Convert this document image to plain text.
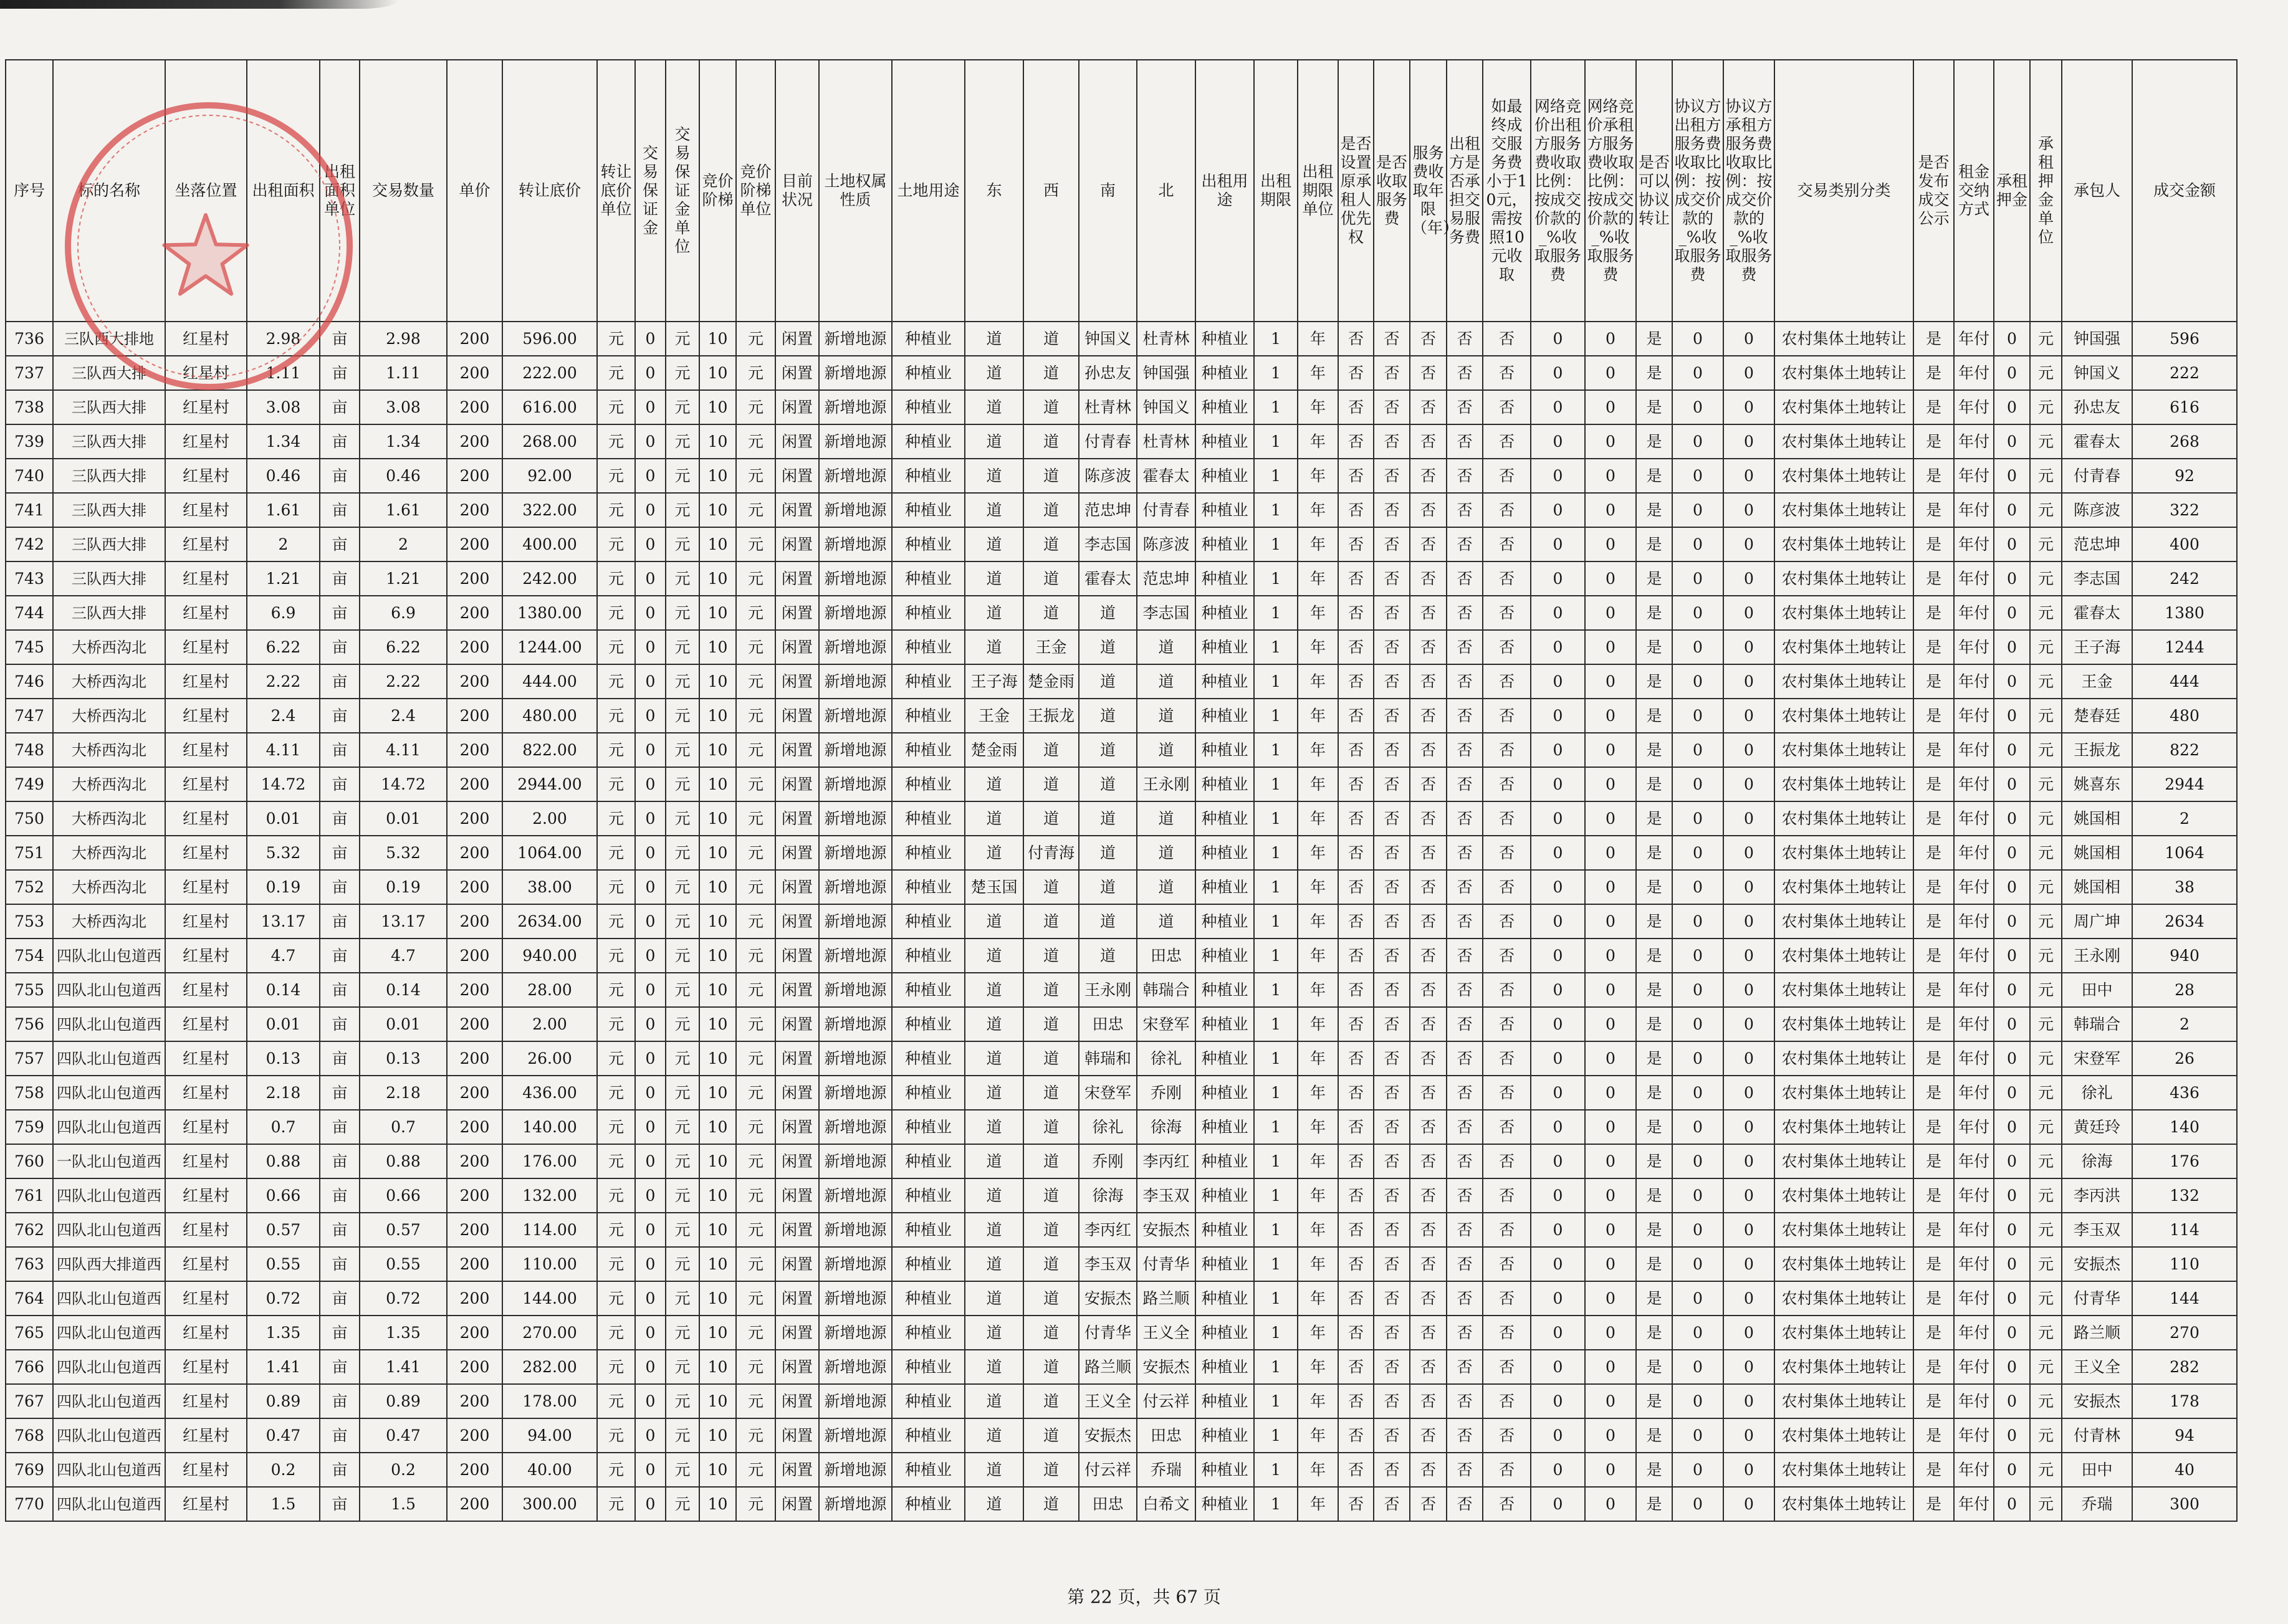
序号	标的名称	坐落位置	出租面积	出租面积单位	交易数量	单价	转让底价	转让底价单位	交易保证金	交易保证金单位	竞价阶梯	竞价阶梯单位	目前状况	土地权属性质	土地用途	东	西	南	北	出租用途	出租期限	出租期限单位	是否设置原承租人优先权	是否收取服务费	服务费收取年限（年）	出租方是否承担交易服务费	如最终成交服务费小于10元，需按照10元收取	网络竞价出租方服务费收取比例：按成交价款的_%收取服务费	网络竞价承租方服务费收取比例：按成交价款的_%收取服务费	是否可以协议转让	协议方出租方服务费收取比例：按成交价款的_%收取服务费	协议方承租方服务费收取比例：按成交价款的_%收取服务费	交易类别分类	是否发布成交公示	租金交纳方式	承租押金	承租押金单位	承包人	成交金额
736	三队西大排地	红星村	2.98	亩	2.98	200	596.00	元	0	元	10	元	闲置	新增地源	种植业	道	道	钟国义	杜青林	种植业	1	年	否	否	否	否	否	0	0	是	0	0	农村集体土地转让	是	年付	0	元	钟国强	596
737	三队西大排	红星村	1.11	亩	1.11	200	222.00	元	0	元	10	元	闲置	新增地源	种植业	道	道	孙忠友	钟国强	种植业	1	年	否	否	否	否	否	0	0	是	0	0	农村集体土地转让	是	年付	0	元	钟国义	222
738	三队西大排	红星村	3.08	亩	3.08	200	616.00	元	0	元	10	元	闲置	新增地源	种植业	道	道	杜青林	钟国义	种植业	1	年	否	否	否	否	否	0	0	是	0	0	农村集体土地转让	是	年付	0	元	孙忠友	616
739	三队西大排	红星村	1.34	亩	1.34	200	268.00	元	0	元	10	元	闲置	新增地源	种植业	道	道	付青春	杜青林	种植业	1	年	否	否	否	否	否	0	0	是	0	0	农村集体土地转让	是	年付	0	元	霍春太	268
740	三队西大排	红星村	0.46	亩	0.46	200	92.00	元	0	元	10	元	闲置	新增地源	种植业	道	道	陈彦波	霍春太	种植业	1	年	否	否	否	否	否	0	0	是	0	0	农村集体土地转让	是	年付	0	元	付青春	92
741	三队西大排	红星村	1.61	亩	1.61	200	322.00	元	0	元	10	元	闲置	新增地源	种植业	道	道	范忠坤	付青春	种植业	1	年	否	否	否	否	否	0	0	是	0	0	农村集体土地转让	是	年付	0	元	陈彦波	322
742	三队西大排	红星村	2	亩	2	200	400.00	元	0	元	10	元	闲置	新增地源	种植业	道	道	李志国	陈彦波	种植业	1	年	否	否	否	否	否	0	0	是	0	0	农村集体土地转让	是	年付	0	元	范忠坤	400
743	三队西大排	红星村	1.21	亩	1.21	200	242.00	元	0	元	10	元	闲置	新增地源	种植业	道	道	霍春太	范忠坤	种植业	1	年	否	否	否	否	否	0	0	是	0	0	农村集体土地转让	是	年付	0	元	李志国	242
744	三队西大排	红星村	6.9	亩	6.9	200	1380.00	元	0	元	10	元	闲置	新增地源	种植业	道	道	道	李志国	种植业	1	年	否	否	否	否	否	0	0	是	0	0	农村集体土地转让	是	年付	0	元	霍春太	1380
745	大桥西沟北	红星村	6.22	亩	6.22	200	1244.00	元	0	元	10	元	闲置	新增地源	种植业	道	王金	道	道	种植业	1	年	否	否	否	否	否	0	0	是	0	0	农村集体土地转让	是	年付	0	元	王子海	1244
746	大桥西沟北	红星村	2.22	亩	2.22	200	444.00	元	0	元	10	元	闲置	新增地源	种植业	王子海	楚金雨	道	道	种植业	1	年	否	否	否	否	否	0	0	是	0	0	农村集体土地转让	是	年付	0	元	王金	444
747	大桥西沟北	红星村	2.4	亩	2.4	200	480.00	元	0	元	10	元	闲置	新增地源	种植业	王金	王振龙	道	道	种植业	1	年	否	否	否	否	否	0	0	是	0	0	农村集体土地转让	是	年付	0	元	楚春廷	480
748	大桥西沟北	红星村	4.11	亩	4.11	200	822.00	元	0	元	10	元	闲置	新增地源	种植业	楚金雨	道	道	道	种植业	1	年	否	否	否	否	否	0	0	是	0	0	农村集体土地转让	是	年付	0	元	王振龙	822
749	大桥西沟北	红星村	14.72	亩	14.72	200	2944.00	元	0	元	10	元	闲置	新增地源	种植业	道	道	道	王永刚	种植业	1	年	否	否	否	否	否	0	0	是	0	0	农村集体土地转让	是	年付	0	元	姚喜东	2944
750	大桥西沟北	红星村	0.01	亩	0.01	200	2.00	元	0	元	10	元	闲置	新增地源	种植业	道	道	道	道	种植业	1	年	否	否	否	否	否	0	0	是	0	0	农村集体土地转让	是	年付	0	元	姚国相	2
751	大桥西沟北	红星村	5.32	亩	5.32	200	1064.00	元	0	元	10	元	闲置	新增地源	种植业	道	付青海	道	道	种植业	1	年	否	否	否	否	否	0	0	是	0	0	农村集体土地转让	是	年付	0	元	姚国相	1064
752	大桥西沟北	红星村	0.19	亩	0.19	200	38.00	元	0	元	10	元	闲置	新增地源	种植业	楚玉国	道	道	道	种植业	1	年	否	否	否	否	否	0	0	是	0	0	农村集体土地转让	是	年付	0	元	姚国相	38
753	大桥西沟北	红星村	13.17	亩	13.17	200	2634.00	元	0	元	10	元	闲置	新增地源	种植业	道	道	道	道	种植业	1	年	否	否	否	否	否	0	0	是	0	0	农村集体土地转让	是	年付	0	元	周广坤	2634
754	四队北山包道西	红星村	4.7	亩	4.7	200	940.00	元	0	元	10	元	闲置	新增地源	种植业	道	道	道	田忠	种植业	1	年	否	否	否	否	否	0	0	是	0	0	农村集体土地转让	是	年付	0	元	王永刚	940
755	四队北山包道西	红星村	0.14	亩	0.14	200	28.00	元	0	元	10	元	闲置	新增地源	种植业	道	道	王永刚	韩瑞合	种植业	1	年	否	否	否	否	否	0	0	是	0	0	农村集体土地转让	是	年付	0	元	田中	28
756	四队北山包道西	红星村	0.01	亩	0.01	200	2.00	元	0	元	10	元	闲置	新增地源	种植业	道	道	田忠	宋登军	种植业	1	年	否	否	否	否	否	0	0	是	0	0	农村集体土地转让	是	年付	0	元	韩瑞合	2
757	四队北山包道西	红星村	0.13	亩	0.13	200	26.00	元	0	元	10	元	闲置	新增地源	种植业	道	道	韩瑞和	徐礼	种植业	1	年	否	否	否	否	否	0	0	是	0	0	农村集体土地转让	是	年付	0	元	宋登军	26
758	四队北山包道西	红星村	2.18	亩	2.18	200	436.00	元	0	元	10	元	闲置	新增地源	种植业	道	道	宋登军	乔刚	种植业	1	年	否	否	否	否	否	0	0	是	0	0	农村集体土地转让	是	年付	0	元	徐礼	436
759	四队北山包道西	红星村	0.7	亩	0.7	200	140.00	元	0	元	10	元	闲置	新增地源	种植业	道	道	徐礼	徐海	种植业	1	年	否	否	否	否	否	0	0	是	0	0	农村集体土地转让	是	年付	0	元	黄廷玲	140
760	一队北山包道西	红星村	0.88	亩	0.88	200	176.00	元	0	元	10	元	闲置	新增地源	种植业	道	道	乔刚	李丙红	种植业	1	年	否	否	否	否	否	0	0	是	0	0	农村集体土地转让	是	年付	0	元	徐海	176
761	四队北山包道西	红星村	0.66	亩	0.66	200	132.00	元	0	元	10	元	闲置	新增地源	种植业	道	道	徐海	李玉双	种植业	1	年	否	否	否	否	否	0	0	是	0	0	农村集体土地转让	是	年付	0	元	李丙洪	132
762	四队北山包道西	红星村	0.57	亩	0.57	200	114.00	元	0	元	10	元	闲置	新增地源	种植业	道	道	李丙红	安振杰	种植业	1	年	否	否	否	否	否	0	0	是	0	0	农村集体土地转让	是	年付	0	元	李玉双	114
763	四队西大排道西	红星村	0.55	亩	0.55	200	110.00	元	0	元	10	元	闲置	新增地源	种植业	道	道	李玉双	付青华	种植业	1	年	否	否	否	否	否	0	0	是	0	0	农村集体土地转让	是	年付	0	元	安振杰	110
764	四队北山包道西	红星村	0.72	亩	0.72	200	144.00	元	0	元	10	元	闲置	新增地源	种植业	道	道	安振杰	路兰顺	种植业	1	年	否	否	否	否	否	0	0	是	0	0	农村集体土地转让	是	年付	0	元	付青华	144
765	四队北山包道西	红星村	1.35	亩	1.35	200	270.00	元	0	元	10	元	闲置	新增地源	种植业	道	道	付青华	王义全	种植业	1	年	否	否	否	否	否	0	0	是	0	0	农村集体土地转让	是	年付	0	元	路兰顺	270
766	四队北山包道西	红星村	1.41	亩	1.41	200	282.00	元	0	元	10	元	闲置	新增地源	种植业	道	道	路兰顺	安振杰	种植业	1	年	否	否	否	否	否	0	0	是	0	0	农村集体土地转让	是	年付	0	元	王义全	282
767	四队北山包道西	红星村	0.89	亩	0.89	200	178.00	元	0	元	10	元	闲置	新增地源	种植业	道	道	王义全	付云祥	种植业	1	年	否	否	否	否	否	0	0	是	0	0	农村集体土地转让	是	年付	0	元	安振杰	178
768	四队北山包道西	红星村	0.47	亩	0.47	200	94.00	元	0	元	10	元	闲置	新增地源	种植业	道	道	安振杰	田忠	种植业	1	年	否	否	否	否	否	0	0	是	0	0	农村集体土地转让	是	年付	0	元	付青林	94
769	四队北山包道西	红星村	0.2	亩	0.2	200	40.00	元	0	元	10	元	闲置	新增地源	种植业	道	道	付云祥	乔瑞	种植业	1	年	否	否	否	否	否	0	0	是	0	0	农村集体土地转让	是	年付	0	元	田中	40
770	四队北山包道西	红星村	1.5	亩	1.5	200	300.00	元	0	元	10	元	闲置	新增地源	种植业	道	道	田忠	白希文	种植业	1	年	否	否	否	否	否	0	0	是	0	0	农村集体土地转让	是	年付	0	元	乔瑞	300
第 22 页，共 67 页
